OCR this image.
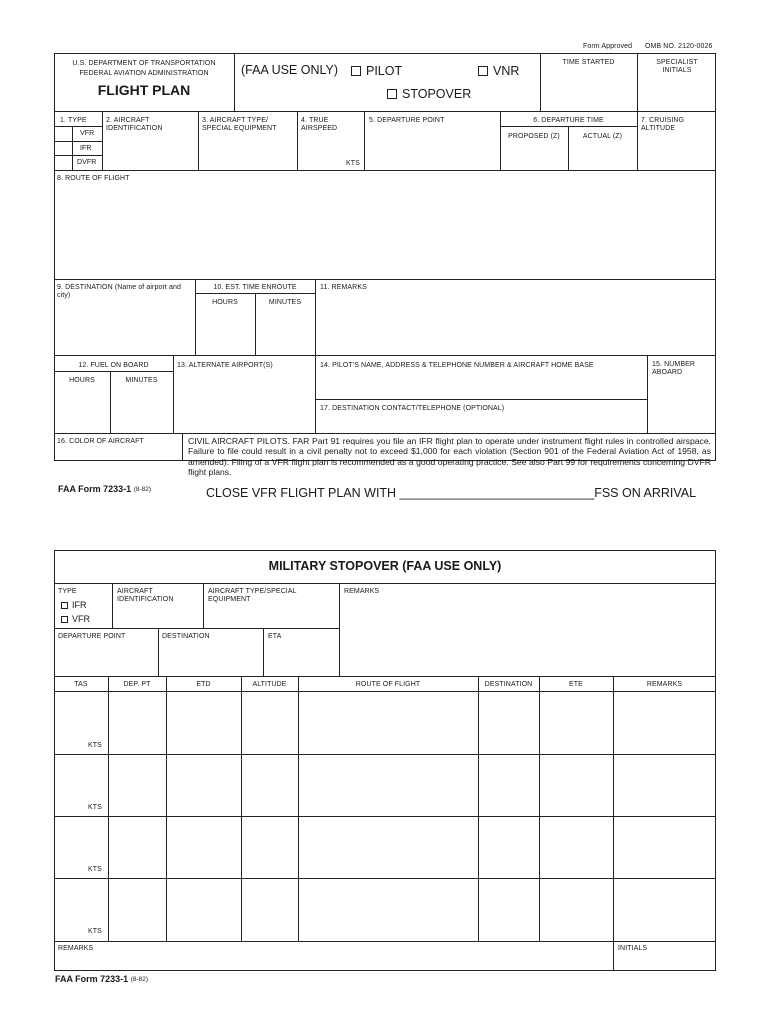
Form Approved OMB NO. 2120-0026
U.S. DEPARTMENT OF TRANSPORTATION
FEDERAL AVIATION ADMINISTRATION
FLIGHT PLAN
(FAA USE ONLY)	PILOT	VNR
STOPOVER
TIME STARTED	SPECIALIST INITIALS
1. TYPE
VFR
IFR
DVFR
2. AIRCRAFT IDENTIFICATION
3. AIRCRAFT TYPE/ SPECIAL EQUIPMENT
4. TRUE AIRSPEED
KTS
5. DEPARTURE POINT	6. DEPARTURE TIME
PROPOSED (Z)	ACTUAL (Z)
7. CRUISING ALTITUDE
8. ROUTE OF FLIGHT
9. DESTINATION (Name of airport and city)
10. EST. TIME ENROUTE
HOURS	MINUTES
11. REMARKS
12. FUEL ON BOARD
HOURS	MINUTES
13. ALTERNATE AIRPORT(S)	14. PILOT'S NAME, ADDRESS & TELEPHONE NUMBER & AIRCRAFT HOME BASE
17. DESTINATION CONTACT/TELEPHONE (OPTIONAL)
15. NUMBER ABOARD
16. COLOR OF AIRCRAFT	CIVIL AIRCRAFT PILOTS. FAR Part 91 requires you file an IFR flight plan to operate under instrument flight rules in controlled airspace. Failure to file could result in a civil penalty not to exceed $1,000 for each violation (Section 901 of the Federal Aviation Act of 1958, as amended). Filing of a VFR flight plan is recommended as a good operating practice. See also Part 99 for requirements concerning DVFR flight plans.
FAA Form 7233-1 (8-82)	CLOSE VFR FLIGHT PLAN WITH ____________________________FSS ON ARRIVAL
MILITARY STOPOVER (FAA USE ONLY)
TYPE
IFR
VFR
AIRCRAFT IDENTIFICATION
AIRCRAFT TYPE/SPECIAL EQUIPMENT
REMARKS
DEPARTURE POINT	DESTINATION	ETA
TAS	DEP. PT	ETD	ALTITUDE	ROUTE OF FLIGHT	DESTINATION	ETE	REMARKS
KTS
KTS
KTS
KTS
REMARKS	INITIALS
FAA Form 7233-1 (8-82)
